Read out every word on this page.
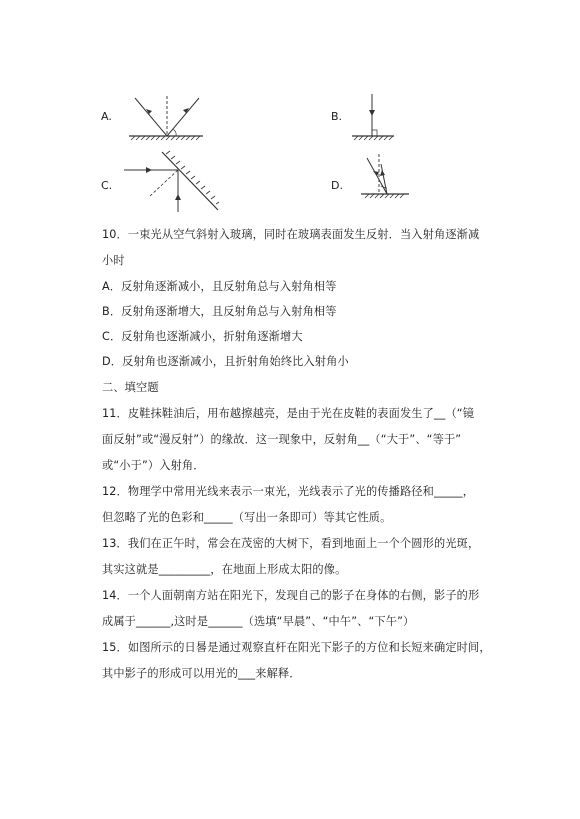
A.	B.
C.	D.
10．一束光从空气斜射入玻璃，同时在玻璃表面发生反射．当入射角逐渐减
小时
A．反射角逐渐减小，且反射角总与入射角相等
B．反射角逐渐增大，且反射角总与入射角相等
C．反射角也逐渐减小，折射角逐渐增大
D．反射角也逐渐减小，且折射角始终比入射角小
二、填空题
11．皮鞋抹鞋油后，用布越擦越亮，是由于光在皮鞋的表面发生了__（“镜
面反射”或“漫反射”）的缘故．这一现象中，反射角__（“大于”、“等于”
或“小于”）入射角．
12．物理学中常用光线来表示一束光，光线表示了光的传播路径和_____，
但忽略了光的色彩和_____（写出一条即可）等其它性质。
13．我们在正午时，常会在茂密的大树下，看到地面上一个个圆形的光斑，
其实这就是_________，在地面上形成太阳的像。
14．一个人面朝南方站在阳光下，发现自己的影子在身体的右侧，影子的形
成属于______,这时是______（选填“早晨”、“中午”、“下午”）
15．如图所示的日晷是通过观察直杆在阳光下影子的方位和长短来确定时间，
其中影子的形成可以用光的___来解释．
